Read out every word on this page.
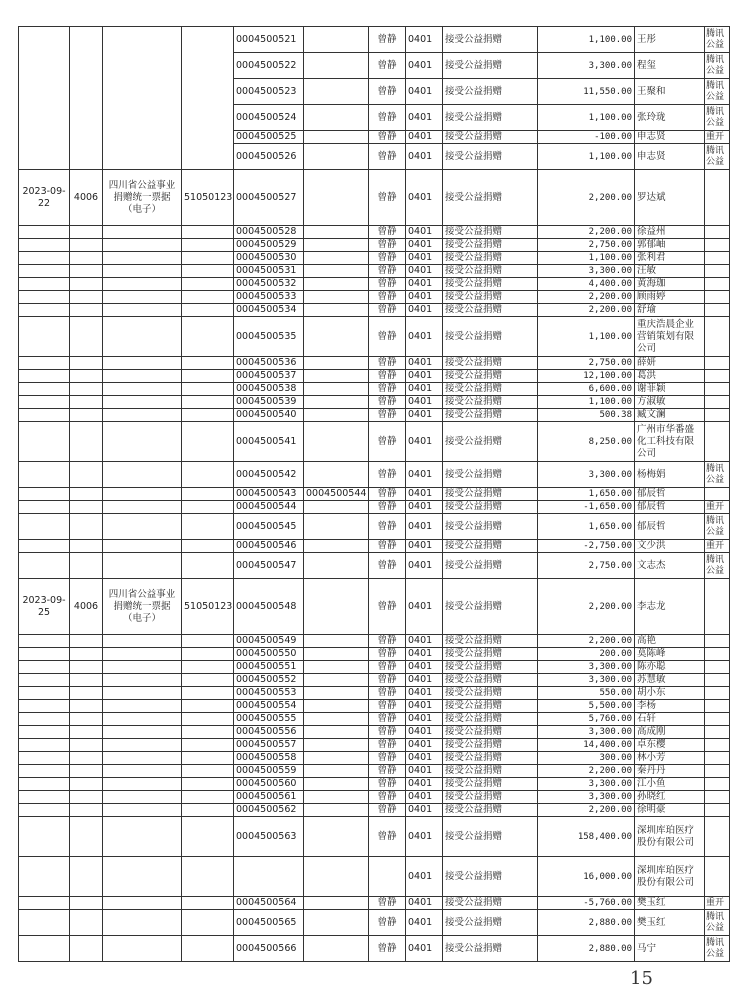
				0004500521		曾静	0401	接受公益捐赠	1,100.00	王彤	腾讯公益
				0004500522		曾静	0401	接受公益捐赠	3,300.00	程玺	腾讯公益
				0004500523		曾静	0401	接受公益捐赠	11,550.00	王聚和	腾讯公益
				0004500524		曾静	0401	接受公益捐赠	1,100.00	张玲珑	腾讯公益
				0004500525		曾静	0401	接受公益捐赠	-100.00	申志贤	重开
				0004500526		曾静	0401	接受公益捐赠	1,100.00	申志贤	腾讯公益
2023-09-22	4006	四川省公益事业捐赠统一票据（电子）	51050123	0004500527		曾静	0401	接受公益捐赠	2,200.00	罗达斌	
				0004500528		曾静	0401	接受公益捐赠	2,200.00	徐益州	
				0004500529		曾静	0401	接受公益捐赠	2,750.00	郭郁岫	
				0004500530		曾静	0401	接受公益捐赠	1,100.00	张利君	
				0004500531		曾静	0401	接受公益捐赠	3,300.00	汪敏	
				0004500532		曾静	0401	接受公益捐赠	4,400.00	黄海珈	
				0004500533		曾静	0401	接受公益捐赠	2,200.00	顾雨婷	
				0004500534		曾静	0401	接受公益捐赠	2,200.00	舒瑜	
				0004500535		曾静	0401	接受公益捐赠	1,100.00	重庆浩晨企业营销策划有限公司	
				0004500536		曾静	0401	接受公益捐赠	2,750.00	薛妍	
				0004500537		曾静	0401	接受公益捐赠	12,100.00	葛洪	
				0004500538		曾静	0401	接受公益捐赠	6,600.00	谢菲颖	
				0004500539		曾静	0401	接受公益捐赠	1,100.00	方淑敏	
				0004500540		曾静	0401	接受公益捐赠	500.38	臧文澜	
				0004500541		曾静	0401	接受公益捐赠	8,250.00	广州市华番盛化工科技有限公司	
				0004500542		曾静	0401	接受公益捐赠	3,300.00	杨梅娟	腾讯公益
				0004500543	0004500544	曾静	0401	接受公益捐赠	1,650.00	郁辰哲	
				0004500544		曾静	0401	接受公益捐赠	-1,650.00	郁辰哲	重开
				0004500545		曾静	0401	接受公益捐赠	1,650.00	郁辰哲	腾讯公益
				0004500546		曾静	0401	接受公益捐赠	-2,750.00	文少洪	重开
				0004500547		曾静	0401	接受公益捐赠	2,750.00	文志杰	腾讯公益
2023-09-25	4006	四川省公益事业捐赠统一票据（电子）	51050123	0004500548		曾静	0401	接受公益捐赠	2,200.00	李志龙	
				0004500549		曾静	0401	接受公益捐赠	2,200.00	高艳	
				0004500550		曾静	0401	接受公益捐赠	200.00	莫陈峰	
				0004500551		曾静	0401	接受公益捐赠	3,300.00	陈亦聪	
				0004500552		曾静	0401	接受公益捐赠	3,300.00	苏慧敏	
				0004500553		曾静	0401	接受公益捐赠	550.00	胡小东	
				0004500554		曾静	0401	接受公益捐赠	5,500.00	李杨	
				0004500555		曾静	0401	接受公益捐赠	5,760.00	石轩	
				0004500556		曾静	0401	接受公益捐赠	3,300.00	高成刚	
				0004500557		曾静	0401	接受公益捐赠	14,400.00	卓东樱	
				0004500558		曾静	0401	接受公益捐赠	300.00	林小芳	
				0004500559		曾静	0401	接受公益捐赠	2,200.00	秦丹丹	
				0004500560		曾静	0401	接受公益捐赠	3,300.00	江小鱼	
				0004500561		曾静	0401	接受公益捐赠	3,300.00	孙晓红	
				0004500562		曾静	0401	接受公益捐赠	2,200.00	徐明豪	
				0004500563		曾静	0401	接受公益捐赠	158,400.00	深圳库珀医疗股份有限公司	
							0401	接受公益捐赠	16,000.00	深圳库珀医疗股份有限公司	
				0004500564		曾静	0401	接受公益捐赠	-5,760.00	樊玉红	重开
				0004500565		曾静	0401	接受公益捐赠	2,880.00	樊玉红	腾讯公益
				0004500566		曾静	0401	接受公益捐赠	2,880.00	马宁	腾讯公益
15
